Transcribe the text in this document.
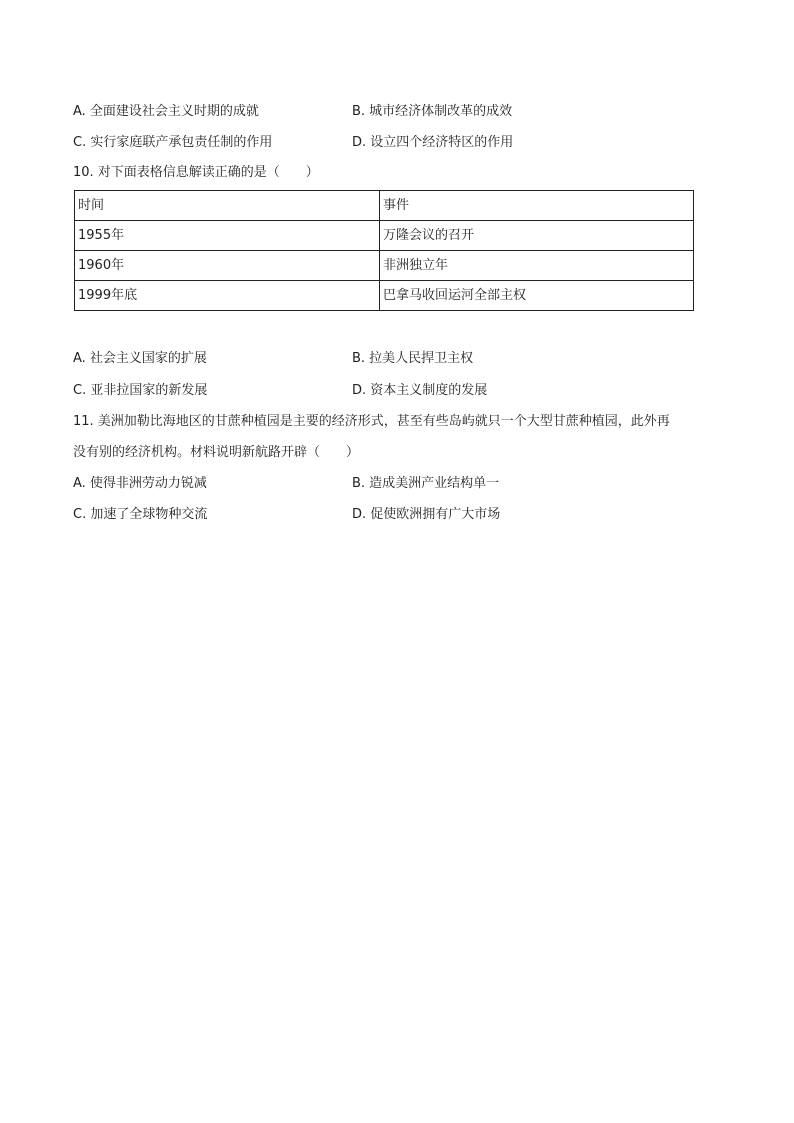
A. 全面建设社会主义时期的成就	B. 城市经济体制改革的成效
C. 实行家庭联产承包责任制的作用	D. 设立四个经济特区的作用
10. 对下面表格信息解读正确的是（　　）
时间	事件
1955年	万隆会议的召开
1960年	非洲独立年
1999年底	巴拿马收回运河全部主权
A. 社会主义国家的扩展	B. 拉美人民捍卫主权
C. 亚非拉国家的新发展	D. 资本主义制度的发展
11. 美洲加勒比海地区的甘蔗种植园是主要的经济形式，甚至有些岛屿就只一个大型甘蔗种植园，此外再
没有别的经济机构。材料说明新航路开辟（　　）
A. 使得非洲劳动力锐减	B. 造成美洲产业结构单一
C. 加速了全球物种交流	D. 促使欧洲拥有广大市场
